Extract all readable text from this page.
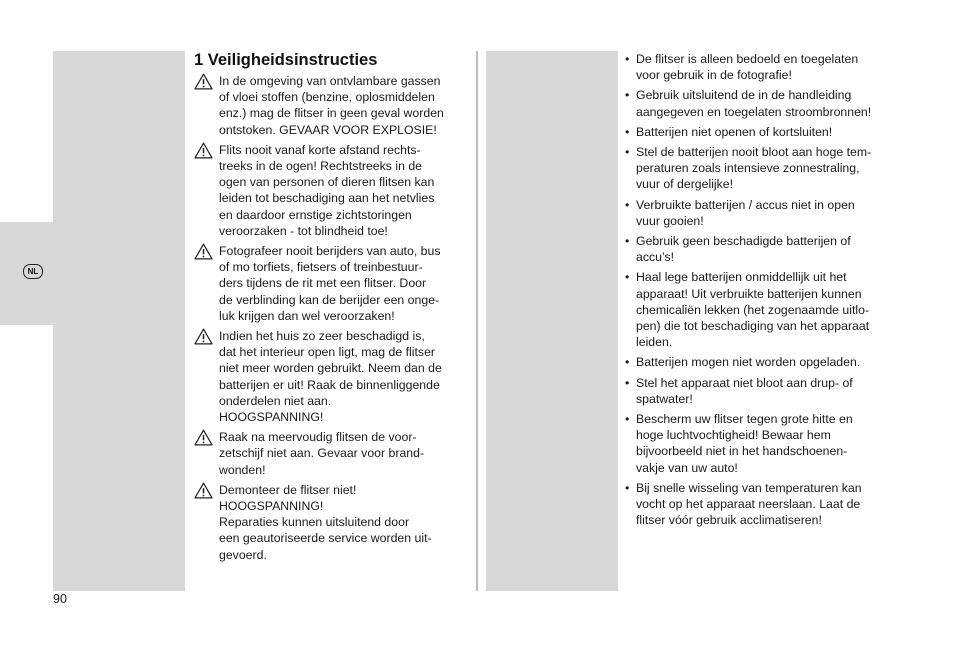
NL
1 Veiligheidsinstructies
In de omgeving van ontvlambare gassen
of vloei stoffen (benzine, oplosmiddelen
enz.) mag de flitser in geen geval worden
ontstoken. GEVAAR VOOR EXPLOSIE!
Flits nooit vanaf korte afstand rechts-
treeks in de ogen! Rechtstreeks in de
ogen van personen of dieren flitsen kan
leiden tot beschadiging aan het netvlies
en daardoor ernstige zichtstoringen
veroorzaken - tot blindheid toe!
Fotografeer nooit berijders van auto, bus
of mo torfiets, fietsers of treinbestuur-
ders tijdens de rit met een flitser. Door
de verblinding kan de berijder een onge-
luk krijgen dan wel veroorzaken!
Indien het huis zo zeer beschadigd is,
dat het interieur open ligt, mag de flitser
niet meer worden gebruikt. Neem dan de
batterijen er uit! Raak de binnenliggende
onderdelen niet aan.
HOOGSPANNING!
Raak na meervoudig flitsen de voor-
zetschijf niet aan. Gevaar voor brand-
wonden!
Demonteer de flitser niet!
HOOGSPANNING!
Reparaties kunnen uitsluitend door
een geautoriseerde service worden uit-
gevoerd.
• De flitser is alleen bedoeld en toegelaten
voor gebruik in de fotografie!
• Gebruik uitsluitend de in de handleiding
aangegeven en toegelaten stroombronnen!
• Batterijen niet openen of kortsluiten!
• Stel de batterijen nooit bloot aan hoge tem-
peraturen zoals intensieve zonnestraling,
vuur of dergelijke!
• Verbruikte batterijen / accus niet in open
vuur gooien!
• Gebruik geen beschadigde batterijen of
accu’s!
• Haal lege batterijen onmiddellijk uit het
apparaat! Uit verbruikte batterijen kunnen
chemicaliën lekken (het zogenaamde uitlo-
pen) die tot beschadiging van het apparaat
leiden.
• Batterijen mogen niet worden opgeladen.
• Stel het apparaat niet bloot aan drup- of
spatwater!
• Bescherm uw flitser tegen grote hitte en
hoge luchtvochtigheid! Bewaar hem
bijvoorbeeld niet in het handschoenen-
vakje van uw auto!
• Bij snelle wisseling van temperaturen kan
vocht op het apparaat neerslaan. Laat de
flitser vóór gebruik acclimatiseren!
90
